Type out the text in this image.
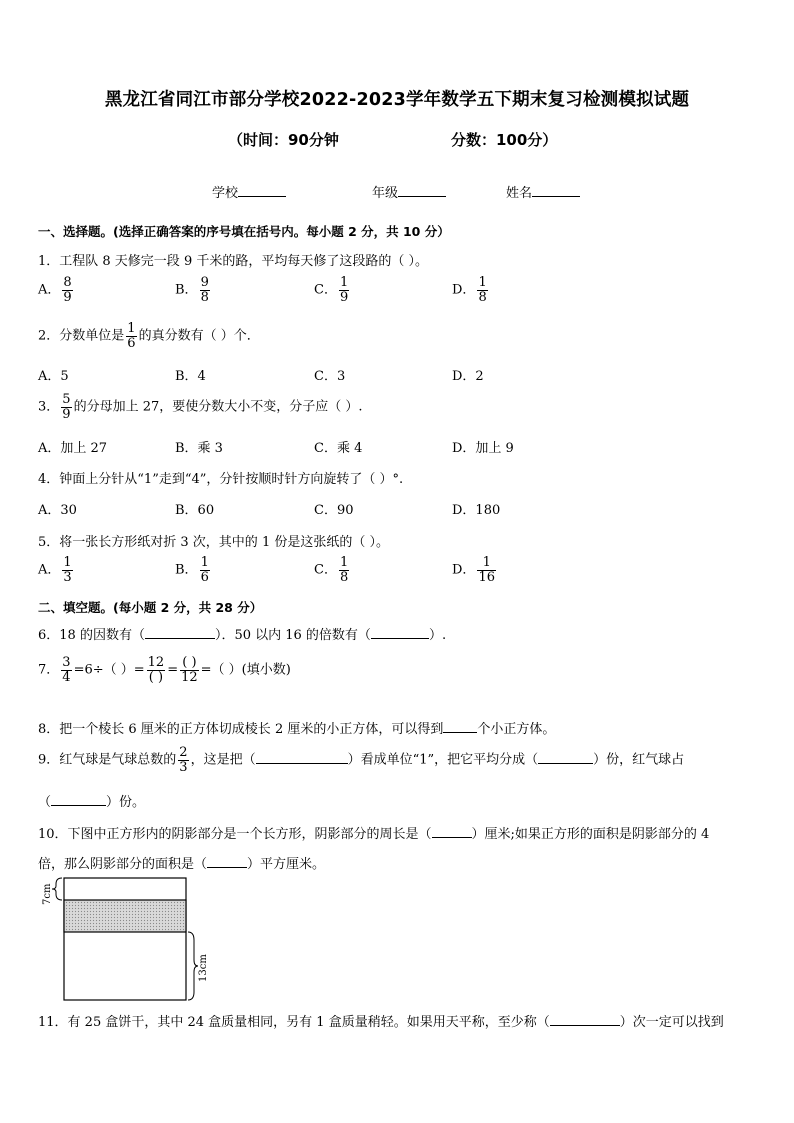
黑龙江省同江市部分学校2022-2023学年数学五下期末复习检测模拟试题
（时间：90分钟	分数：100分）
学校	年级	姓名
一、选择题。(选择正确答案的序号填在括号内。每小题 2 分，共 10 分）
1．工程队 8 天修完一段 9 千米的路，平均每天修了这段路的（ ）。
A． $\frac{8}{9}$	B． $\frac{9}{8}$	C． $\frac{1}{9}$	D． $\frac{1}{8}$
2．分数单位是 $\frac{1}{6}$ 的真分数有（ ）个．
A．5	B．4	C．3	D．2
3． $\frac{5}{9}$ 的分母加上 27，要使分数大小不变，分子应（ ）.
A．加上 27	B．乘 3	C．乘 4	D．加上 9
4．钟面上分针从“1”走到“4”，分针按顺时针方向旋转了（ ）°.
A．30	B．60	C．90	D．180
5．将一张长方形纸对折 3 次，其中的 1 份是这张纸的（ ）。
A． $\frac{1}{3}$	B． $\frac{1}{6}$	C． $\frac{1}{8}$	D． $\frac{1}{16}$
二、填空题。(每小题 2 分，共 28 分）
6．18 的因数有（	）．50 以内 16 的倍数有（	）.
7． $\frac{3}{4} =6\div$（ ）= $\frac{12}{( )} = \frac{( )}{12}$ =（ ）(填小数)
8．把一个棱长 6 厘米的正方体切成棱长 2 厘米的小正方体，可以得到	个小正方体。
9．红气球是气球总数的 $\frac{2}{3}$ ，这是把（	）看成单位“1”，把它平均分成（	）份，红气球占
（	）份。
10．下图中正方形内的阴影部分是一个长方形，阴影部分的周长是（	）厘米;如果正方形的面积是阴影部分的 4
倍，那么阴影部分的面积是（	）平方厘米。
7cm
13cm
11．有 25 盒饼干，其中 24 盒质量相同，另有 1 盒质量稍轻。如果用天平称，至少称（	）次一定可以找到
